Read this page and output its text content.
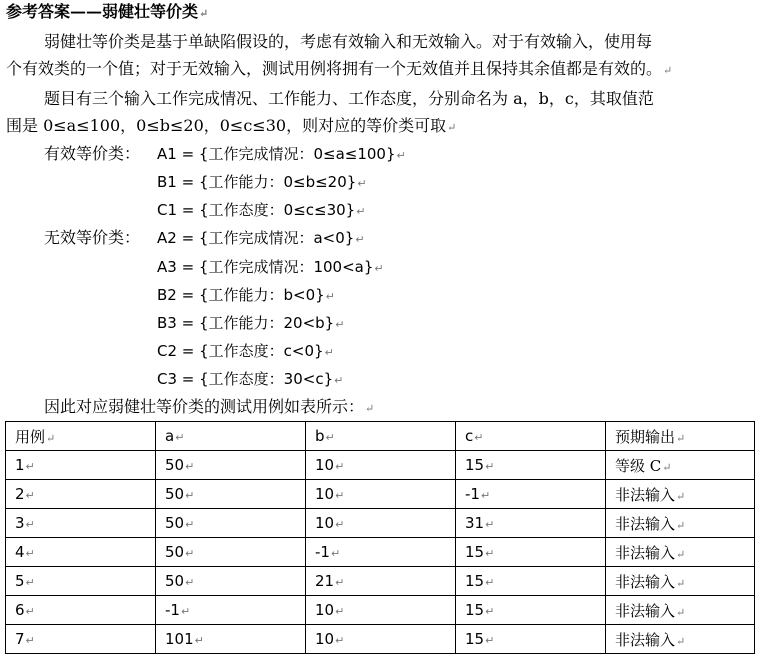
参考答案——弱健壮等价类↵
弱健壮等价类是基于单缺陷假设的，考虑有效输入和无效输入。对于有效输入，使用每
个有效类的一个值；对于无效输入，测试用例将拥有一个无效值并且保持其余值都是有效的。↵
题目有三个输入工作完成情况、工作能力、工作态度，分别命名为 a，b，c，其取值范
围是 0≤a≤100，0≤b≤20，0≤c≤30，则对应的等价类可取↵
有效等价类： A1 = {工作完成情况：0≤a≤100}↵
B1 = {工作能力：0≤b≤20}↵
C1 = {工作态度：0≤c≤30}↵
无效等价类： A2 = {工作完成情况：a<0}↵
A3 = {工作完成情况：100<a}↵
B2 = {工作能力：b<0}↵
B3 = {工作能力：20<b}↵
C2 = {工作态度：c<0}↵
C3 = {工作态度：30<c}↵
因此对应弱健壮等价类的测试用例如表所示：↵
用例↵	a↵	b↵	c↵	预期输出↵
1↵	50↵	10↵	15↵	等级 C↵
2↵	50↵	10↵	-1↵	非法输入↵
3↵	50↵	10↵	31↵	非法输入↵
4↵	50↵	-1↵	15↵	非法输入↵
5↵	50↵	21↵	15↵	非法输入↵
6↵	-1↵	10↵	15↵	非法输入↵
7↵	101↵	10↵	15↵	非法输入↵
